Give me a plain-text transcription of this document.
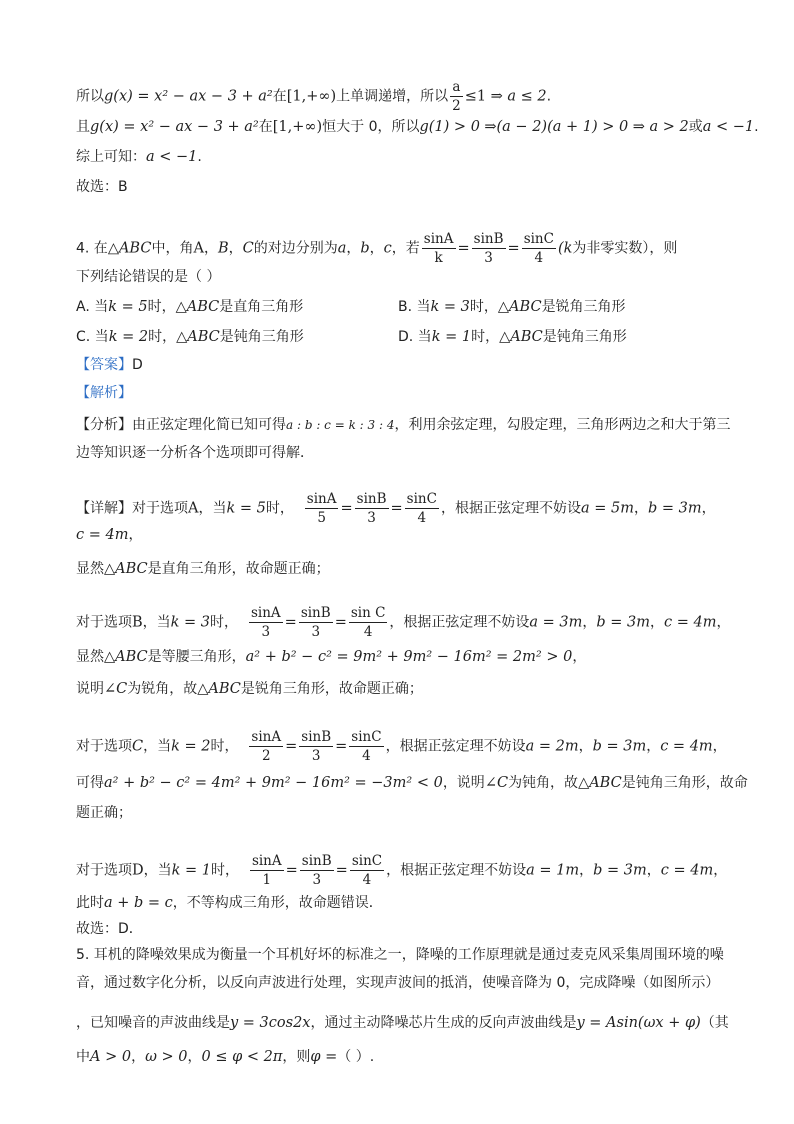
所以g(x) = x² − ax − 3 + a²在[1,+∞)上单调递增，所以 $\frac{a}{2} \le 1$ ⇒ a ≤ 2.
且g(x) = x² − ax − 3 + a²在[1,+∞)恒大于 0，所以g(1) > 0 ⇒(a − 2)(a + 1) > 0 ⇒ a > 2或a < −1.
综上可知：a < −1.
故选：B
4. 在△ABC中，角A，B，C的对边分别为a，b，c，若 $\frac{\sin A}{k} = \frac{\sin B}{3} = \frac{\sin C}{4} (k$为非零实数），则
下列结论错误的是（ ）
A. 当k = 5时，△ABC是直角三角形	B. 当k = 3时，△ABC是锐角三角形
C. 当k = 2时，△ABC是钝角三角形	D. 当k = 1时，△ABC是钝角三角形
【答案】D
【解析】
【分析】由正弦定理化简已知可得a : b : c = k : 3 : 4，利用余弦定理，勾股定理，三角形两边之和大于第三
边等知识逐一分析各个选项即可得解．
【详解】对于选项A，当k = 5时， $\frac{\sin A}{5} = \frac{\sin B}{3} = \frac{\sin C}{4}$ ，根据正弦定理不妨设a = 5m，b = 3m，
c = 4m，
显然△ABC是直角三角形，故命题正确；
对于选项B，当k = 3时， $\frac{\sin A}{3} = \frac{\sin B}{3} = \frac{\text{sin C}}{4}$ ，根据正弦定理不妨设a = 3m，b = 3m，c = 4m，
显然△ABC是等腰三角形，a² + b² − c² = 9m² + 9m² − 16m² = 2m² > 0，
说明∠C为锐角，故△ABC是锐角三角形，故命题正确；
对于选项C，当k = 2时， $\frac{\sin A}{2} = \frac{\sin B}{3} = \frac{\sin C}{4}$ ，根据正弦定理不妨设a = 2m，b = 3m，c = 4m，
可得a² + b² − c² = 4m² + 9m² − 16m² = −3m² < 0，说明∠C为钝角，故△ABC是钝角三角形，故命
题正确；
对于选项D，当k = 1时， $\frac{\sin A}{1} = \frac{\sin B}{3} = \frac{\sin C}{4}$ ，根据正弦定理不妨设a = 1m，b = 3m，c = 4m，
此时a + b = c，不等构成三角形，故命题错误．
故选：D．
5. 耳机的降噪效果成为衡量一个耳机好坏的标准之一，降噪的工作原理就是通过麦克风采集周围环境的噪
音，通过数字化分析，以反向声波进行处理，实现声波间的抵消，使噪音降为 0，完成降噪（如图所示）
，已知噪音的声波曲线是y = 3cos2x，通过主动降噪芯片生成的反向声波曲线是y = Asin(ωx + φ)（其
中A > 0，ω > 0，0 ≤ φ < 2π，则φ =（ ）.
